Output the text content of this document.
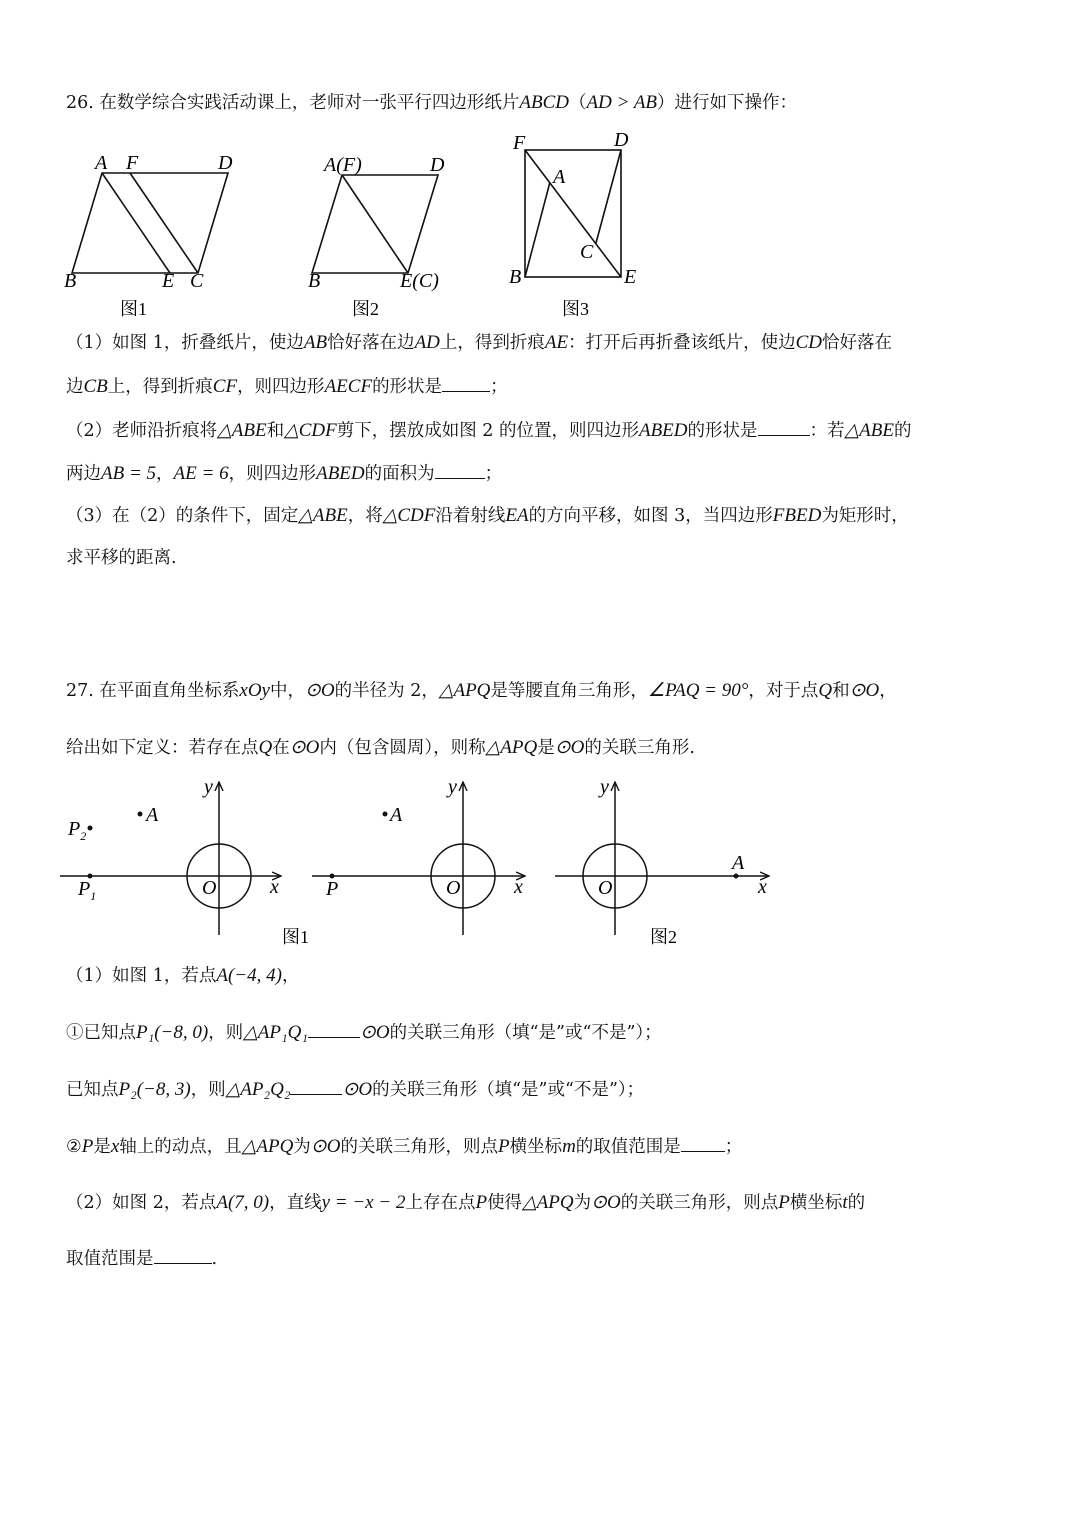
26. 在数学综合实践活动课上，老师对一张平行四边形纸片ABCD（AD > AB）进行如下操作：
A F	D
B	E C
图1
A(F)	D
B	E(C)
图2
F	D
A
C
B	E
图3
（1）如图 1，折叠纸片，使边AB恰好落在边AD上，得到折痕AE：打开后再折叠该纸片，使边CD恰好落在
边CB上，得到折痕CF，则四边形AECF的形状是	；
（2）老师沿折痕将△ABE和△CDF剪下，摆放成如图 2 的位置，则四边形ABED的形状是	：若△ABE的
两边AB = 5，AE = 6，则四边形ABED的面积为	；
（3）在（2）的条件下，固定△ABE，将△CDF沿着射线EA的方向平移，如图 3，当四边形FBED为矩形时，
求平移的距离.
27. 在平面直角坐标系xOy中，⊙O的半径为 2，△APQ是等腰直角三角形，∠PAQ = 90°，对于点Q和⊙O，
给出如下定义：若存在点Q在⊙O内（包含圆周），则称△APQ是⊙O的关联三角形.
y
x
O
A
$P_2$
$P_1$
图1
y
x
O
A
P
y
x
O
A
图2
（1）如图 1，若点A(−4, 4)，
①已知点P₁(−8, 0)，则△AP₁Q₁	⊙O的关联三角形（填“是”或“不是”）；
已知点P₂(−8, 3)，则△AP₂Q₂	⊙O的关联三角形（填“是”或“不是”）；
②P是x轴上的动点，且△APQ为⊙O的关联三角形，则点P横坐标m的取值范围是	；
（2）如图 2，若点A(7, 0)，直线y = −x − 2上存在点P使得△APQ为⊙O的关联三角形，则点P横坐标t的
取值范围是	.
